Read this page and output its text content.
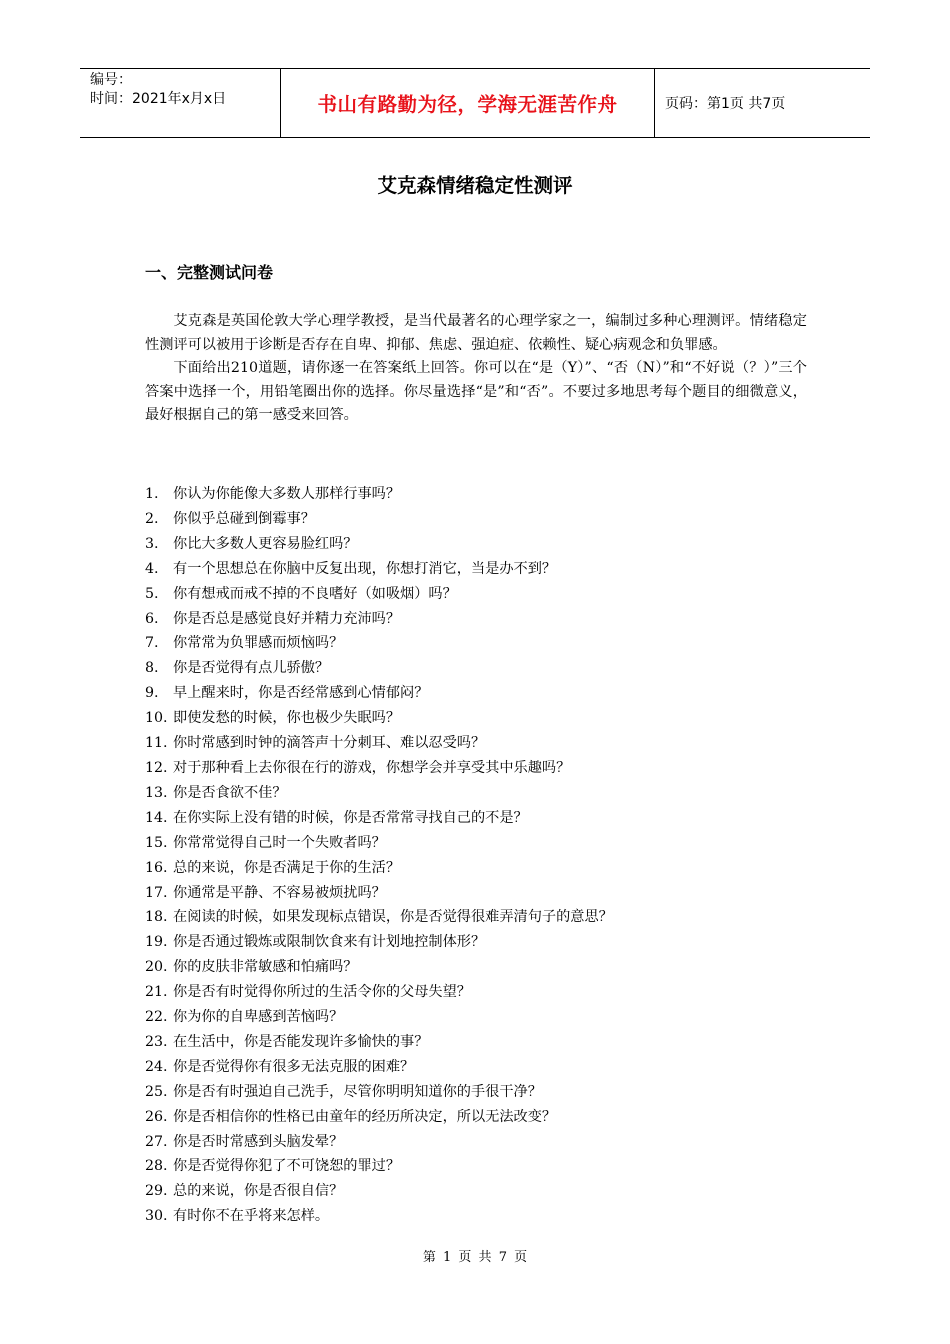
编号：
时间：2021年x月x日	书山有路勤为径，学海无涯苦作舟	页码：第1页 共7页
艾克森情绪稳定性测评
一、完整测试问卷

艾克森是英国伦敦大学心理学教授，是当代最著名的心理学家之一，编制过多种心理测评。情绪稳定性测评可以被用于诊断是否存在自卑、抑郁、焦虑、强迫症、依赖性、疑心病观念和负罪感。

下面给出210道题，请你逐一在答案纸上回答。你可以在“是（Y）”、“否（N）”和“不好说（？）”三个答案中选择一个，用铅笔圈出你的选择。你尽量选择“是”和“否”。不要过多地思考每个题目的细微意义，最好根据自己的第一感受来回答。

1.	你认为你能像大多数人那样行事吗？
2.	你似乎总碰到倒霉事？
3.	你比大多数人更容易脸红吗？
4.	有一个思想总在你脑中反复出现，你想打消它，当是办不到？
5.	你有想戒而戒不掉的不良嗜好（如吸烟）吗？
6.	你是否总是感觉良好并精力充沛吗？
7.	你常常为负罪感而烦恼吗？
8.	你是否觉得有点儿骄傲？
9.	早上醒来时，你是否经常感到心情郁闷？
10. 即使发愁的时候，你也极少失眠吗？
11. 你时常感到时钟的滴答声十分刺耳、难以忍受吗？
12. 对于那种看上去你很在行的游戏，你想学会并享受其中乐趣吗？
13. 你是否食欲不佳？
14. 在你实际上没有错的时候，你是否常常寻找自己的不是？
15. 你常常觉得自己时一个失败者吗？
16. 总的来说，你是否满足于你的生活？
17. 你通常是平静、不容易被烦扰吗？
18. 在阅读的时候，如果发现标点错误，你是否觉得很难弄清句子的意思？
19. 你是否通过锻炼或限制饮食来有计划地控制体形？
20. 你的皮肤非常敏感和怕痛吗？
21. 你是否有时觉得你所过的生活令你的父母失望？
22. 你为你的自卑感到苦恼吗？
23. 在生活中，你是否能发现许多愉快的事？
24. 你是否觉得你有很多无法克服的困难？
25. 你是否有时强迫自己洗手，尽管你明明知道你的手很干净？
26. 你是否相信你的性格已由童年的经历所决定，所以无法改变？
27. 你是否时常感到头脑发晕？
28. 你是否觉得你犯了不可饶恕的罪过？
29. 总的来说，你是否很自信？
30. 有时你不在乎将来怎样。
第 1 页 共 7 页
